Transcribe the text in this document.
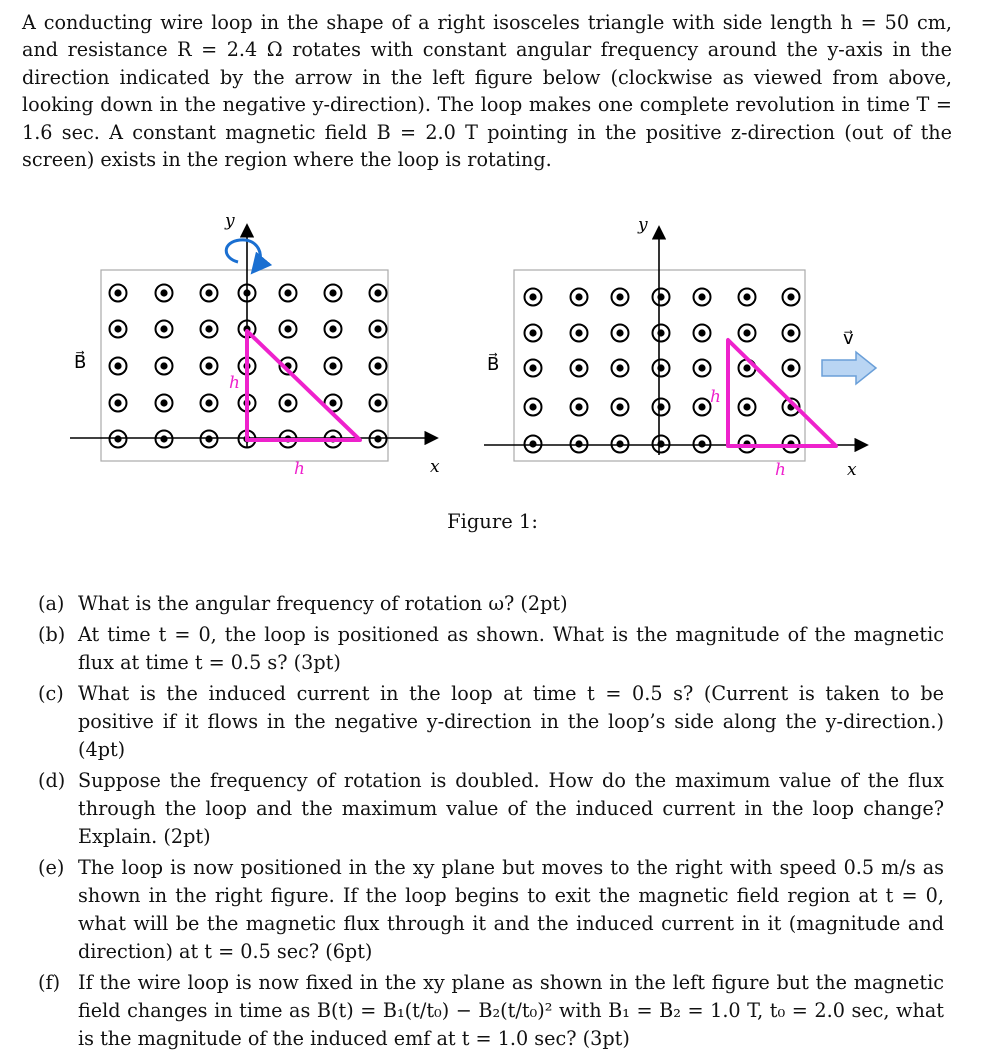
A conducting wire loop in the shape of a right isosceles triangle with side length h = 50 cm, and resistance R = 2.4 Ω rotates with constant angular frequency around the y-axis in the direction indicated by the arrow in the left figure below (clockwise as viewed from above, looking down in the negative y-direction). The loop makes one complete revolution in time T = 1.6 sec. A constant magnetic field B = 2.0 T pointing in the positive z-direction (out of the screen) exists in the region where the loop is rotating.

y
x
B⃗
h
h
y
x
B⃗
v⃗
h
h
Figure 1:
(a) What is the angular frequency of rotation ω? (2pt)
(b) At time t = 0, the loop is positioned as shown. What is the magnitude of the magnetic flux at time t = 0.5 s? (3pt)
(c) What is the induced current in the loop at time t = 0.5 s? (Current is taken to be positive if it flows in the negative y-direction in the loop’s side along the y-direction.) (4pt)
(d) Suppose the frequency of rotation is doubled. How do the maximum value of the flux through the loop and the maximum value of the induced current in the loop change? Explain. (2pt)
(e) The loop is now positioned in the xy plane but moves to the right with speed 0.5 m/s as shown in the right figure. If the loop begins to exit the magnetic field region at t = 0, what will be the magnetic flux through it and the induced current in it (magnitude and direction) at t = 0.5 sec? (6pt)
(f) If the wire loop is now fixed in the xy plane as shown in the left figure but the magnetic field changes in time as B(t) = B₁(t/t₀) − B₂(t/t₀)² with B₁ = B₂ = 1.0 T, t₀ = 2.0 sec, what is the magnitude of the induced emf at t = 1.0 sec? (3pt)
